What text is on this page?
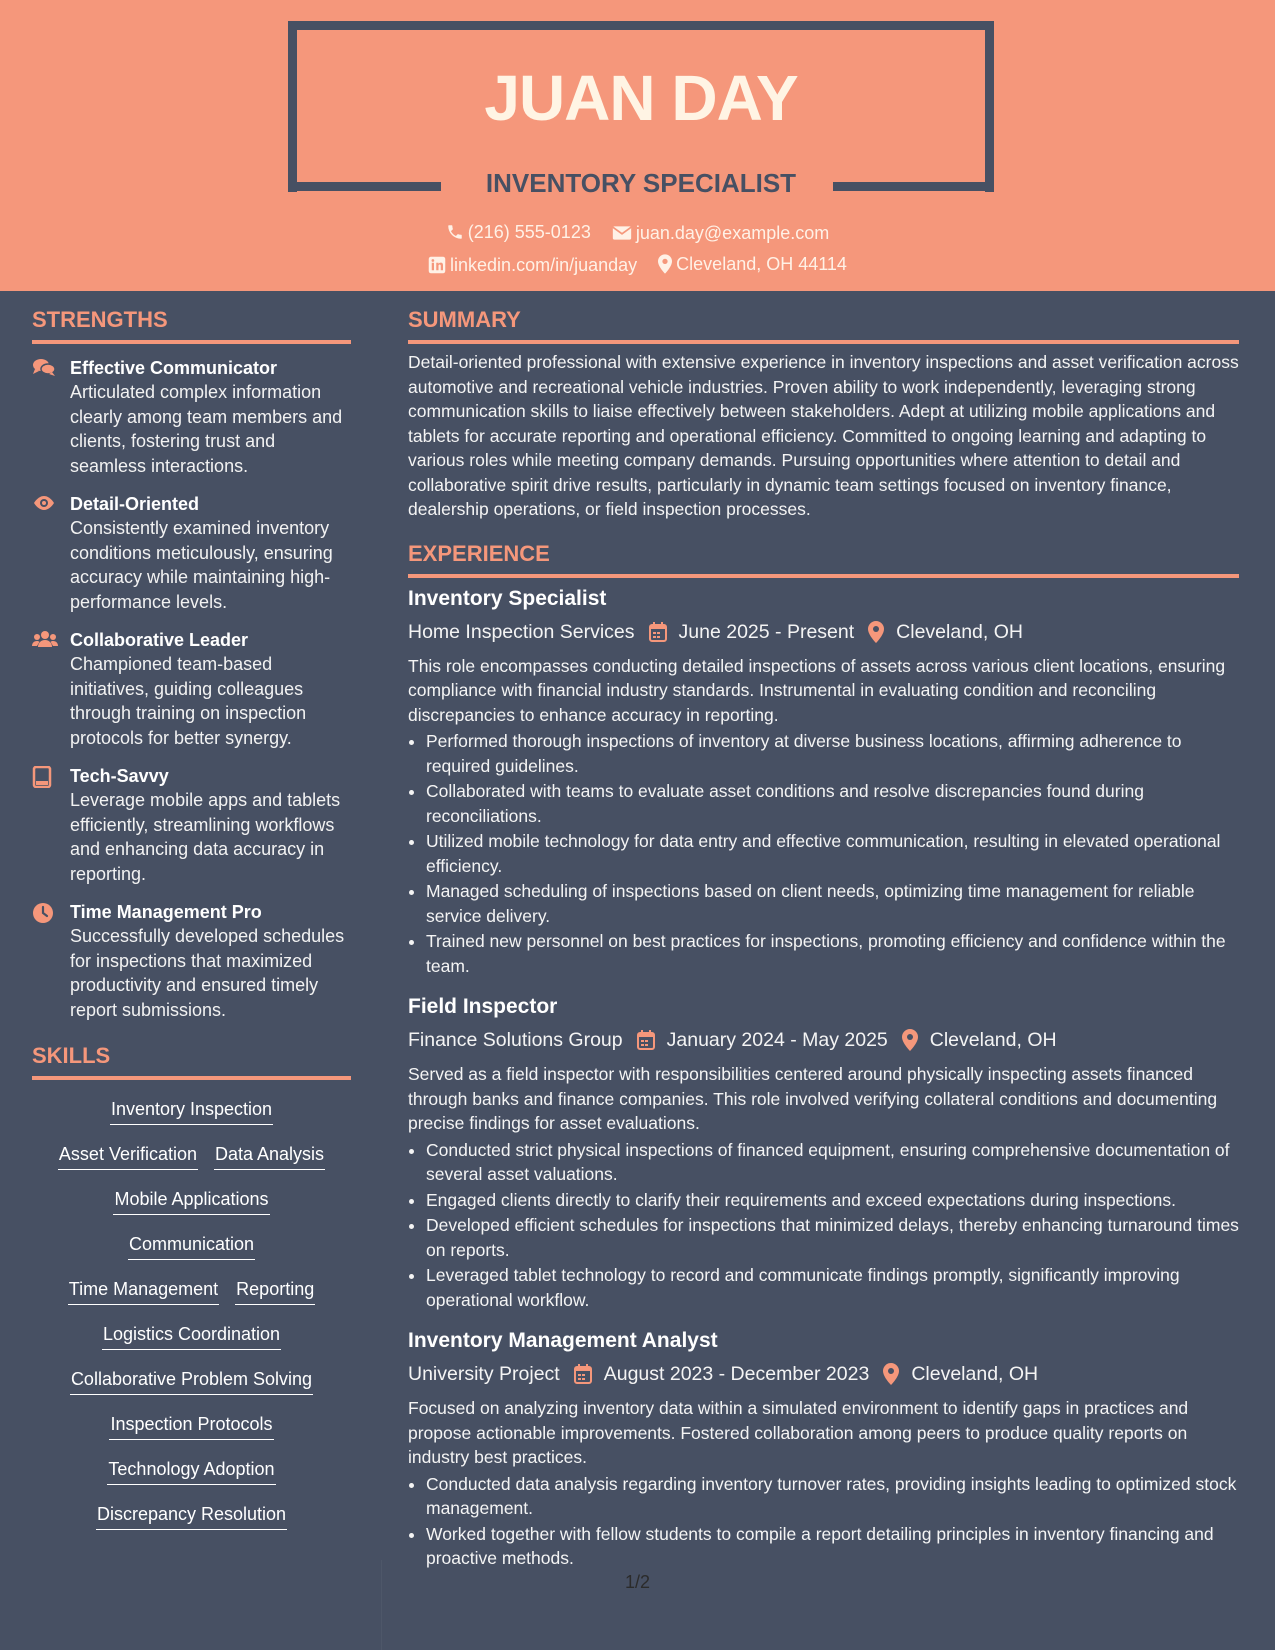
JUAN DAY
INVENTORY SPECIALIST
(216) 555-0123
	juan.day@example.com
linkedin.com/in/juanday
Cleveland, OH 44114
STRENGTHS
Effective Communicator
Articulated complex information clearly among team members and clients, fostering trust and seamless interactions.
Detail-Oriented
Consistently examined inventory conditions meticulously, ensuring accuracy while maintaining high-performance levels.
Collaborative Leader
Championed team-based initiatives, guiding colleagues through training on inspection protocols for better synergy.
Tech-Savvy
Leverage mobile apps and tablets efficiently, streamlining workflows and enhancing data accuracy in reporting.
Time Management Pro
Successfully developed schedules for inspections that maximized productivity and ensured timely report submissions.
SKILLS
Inventory Inspection
Asset Verification Data Analysis
Mobile Applications
Communication
Time Management Reporting
Logistics Coordination
Collaborative Problem Solving
Inspection Protocols
Technology Adoption
Discrepancy Resolution
SUMMARY
Detail-oriented professional with extensive experience in inventory inspections and asset verification across automotive and recreational vehicle industries. Proven ability to work independently, leveraging strong communication skills to liaise effectively between stakeholders. Adept at utilizing mobile applications and tablets for accurate reporting and operational efficiency. Committed to ongoing learning and adapting to various roles while meeting company demands. Pursuing opportunities where attention to detail and collaborative spirit drive results, particularly in dynamic team settings focused on inventory finance, dealership operations, or field inspection processes.
EXPERIENCE
Inventory Specialist
Home Inspection Services June 2025 - Present Cleveland, OH
This role encompasses conducting detailed inspections of assets across various client locations, ensuring compliance with financial industry standards. Instrumental in evaluating condition and reconciling discrepancies to enhance accuracy in reporting.
• Performed thorough inspections of inventory at diverse business locations, affirming adherence to required guidelines.
• Collaborated with teams to evaluate asset conditions and resolve discrepancies found during reconciliations.
• Utilized mobile technology for data entry and effective communication, resulting in elevated operational efficiency.
• Managed scheduling of inspections based on client needs, optimizing time management for reliable service delivery.
• Trained new personnel on best practices for inspections, promoting efficiency and confidence within the team.
Field Inspector
Finance Solutions Group January 2024 - May 2025 Cleveland, OH
Served as a field inspector with responsibilities centered around physically inspecting assets financed through banks and finance companies. This role involved verifying collateral conditions and documenting precise findings for asset evaluations.
• Conducted strict physical inspections of financed equipment, ensuring comprehensive documentation of several asset valuations.
• Engaged clients directly to clarify their requirements and exceed expectations during inspections.
• Developed efficient schedules for inspections that minimized delays, thereby enhancing turnaround times on reports.
• Leveraged tablet technology to record and communicate findings promptly, significantly improving operational workflow.
Inventory Management Analyst
University Project August 2023 - December 2023 Cleveland, OH
Focused on analyzing inventory data within a simulated environment to identify gaps in practices and propose actionable improvements. Fostered collaboration among peers to produce quality reports on industry best practices.
• Conducted data analysis regarding inventory turnover rates, providing insights leading to optimized stock management.
• Worked together with fellow students to compile a report detailing principles in inventory financing and proactive methods.
1/2
